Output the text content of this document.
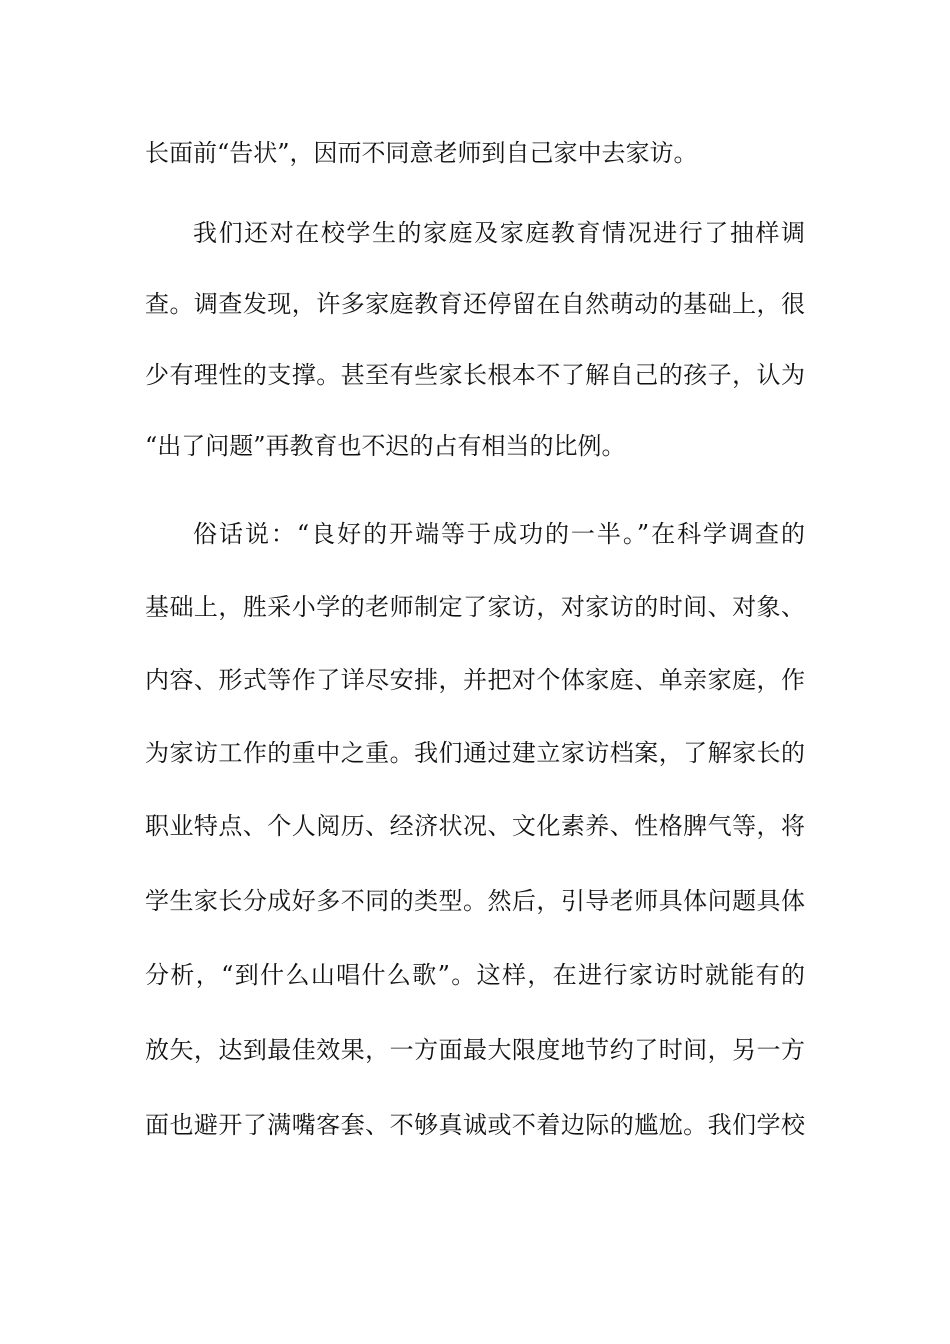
长面前“告状”，因而不同意老师到自己家中去家访。
我们还对在校学生的家庭及家庭教育情况进行了抽样调
查。调查发现，许多家庭教育还停留在自然萌动的基础上，很
少有理性的支撑。甚至有些家长根本不了解自己的孩子，认为
“出了问题”再教育也不迟的占有相当的比例。
俗话说：“良好的开端等于成功的一半。”在科学调查的
基础上，胜采小学的老师制定了家访，对家访的时间、对象、
内容、形式等作了详尽安排，并把对个体家庭、单亲家庭，作
为家访工作的重中之重。我们通过建立家访档案，了解家长的
职业特点、个人阅历、经济状况、文化素养、性格脾气等，将
学生家长分成好多不同的类型。然后，引导老师具体问题具体
分析，“到什么山唱什么歌”。这样，在进行家访时就能有的
放矢，达到最佳效果，一方面最大限度地节约了时间，另一方
面也避开了满嘴客套、不够真诚或不着边际的尴尬。我们学校
